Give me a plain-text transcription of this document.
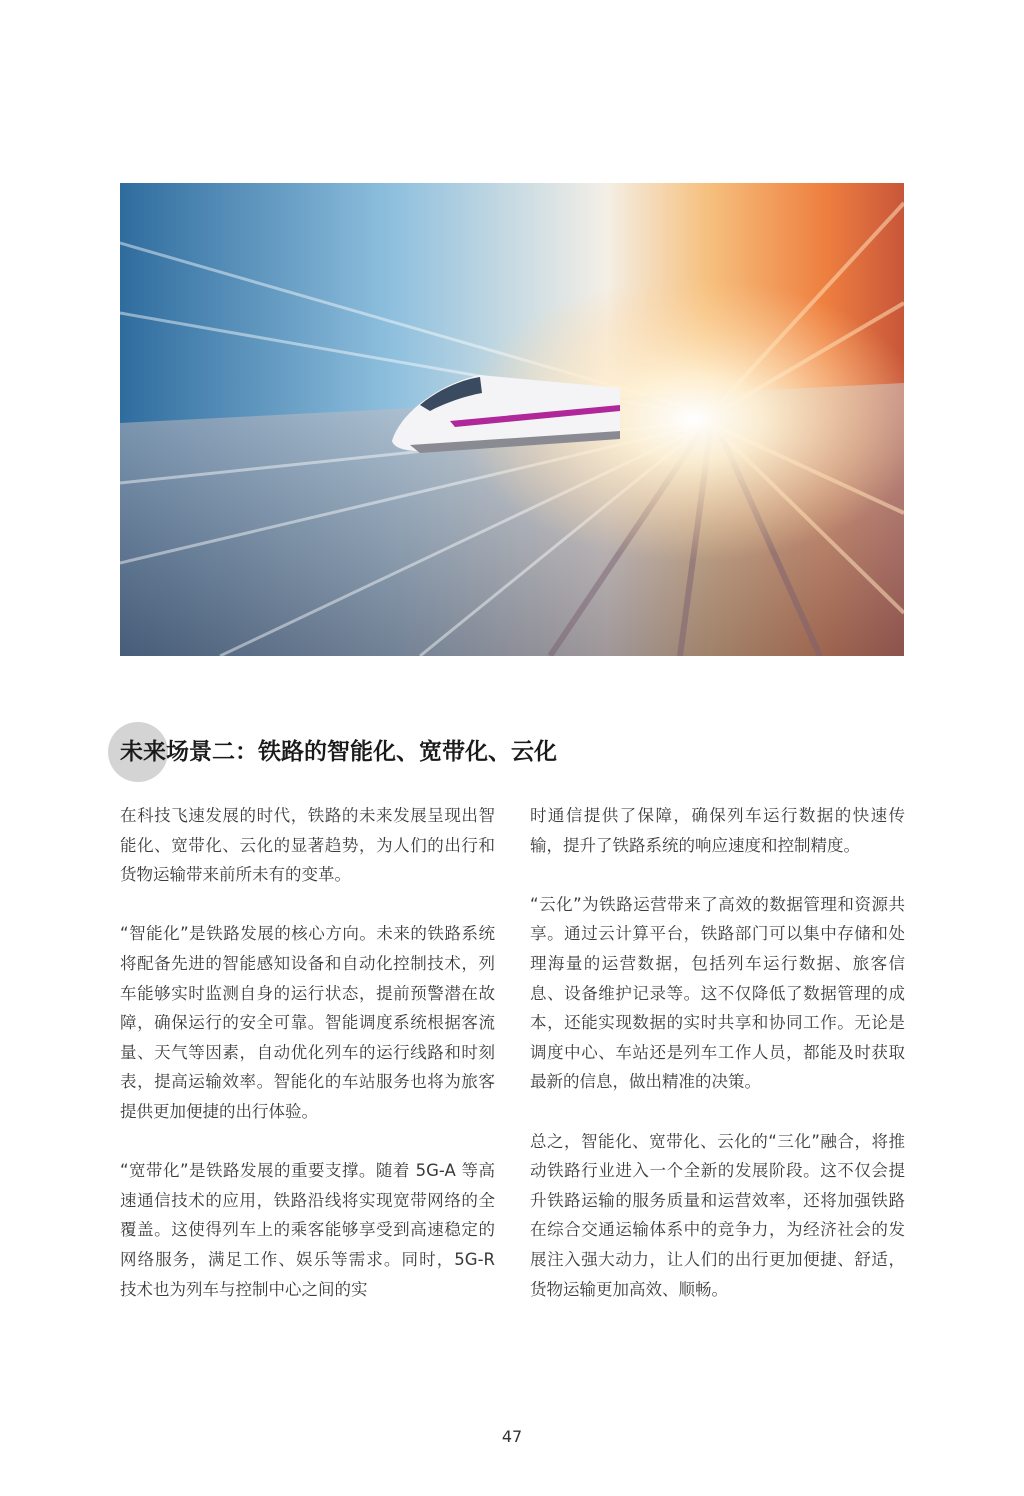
未来场景二：铁路的智能化、宽带化、云化

在科技飞速发展的时代，铁路的未来发展呈现出智能化、宽带化、云化的显著趋势，为人们的出行和货物运输带来前所未有的变革。

“智能化”是铁路发展的核心方向。未来的铁路系统将配备先进的智能感知设备和自动化控制技术，列车能够实时监测自身的运行状态，提前预警潜在故障，确保运行的安全可靠。智能调度系统根据客流量、天气等因素，自动优化列车的运行线路和时刻表，提高运输效率。智能化的车站服务也将为旅客提供更加便捷的出行体验。

“宽带化”是铁路发展的重要支撑。随着 5G-A 等高速通信技术的应用，铁路沿线将实现宽带网络的全覆盖。这使得列车上的乘客能够享受到高速稳定的网络服务，满足工作、娱乐等需求。同时，5G-R 技术也为列车与控制中心之间的实

时通信提供了保障，确保列车运行数据的快速传输，提升了铁路系统的响应速度和控制精度。

“云化”为铁路运营带来了高效的数据管理和资源共享。通过云计算平台，铁路部门可以集中存储和处理海量的运营数据，包括列车运行数据、旅客信息、设备维护记录等。这不仅降低了数据管理的成本，还能实现数据的实时共享和协同工作。无论是调度中心、车站还是列车工作人员，都能及时获取最新的信息，做出精准的决策。

总之，智能化、宽带化、云化的“三化”融合，将推动铁路行业进入一个全新的发展阶段。这不仅会提升铁路运输的服务质量和运营效率，还将加强铁路在综合交通运输体系中的竞争力，为经济社会的发展注入强大动力，让人们的出行更加便捷、舒适，货物运输更加高效、顺畅。

47
